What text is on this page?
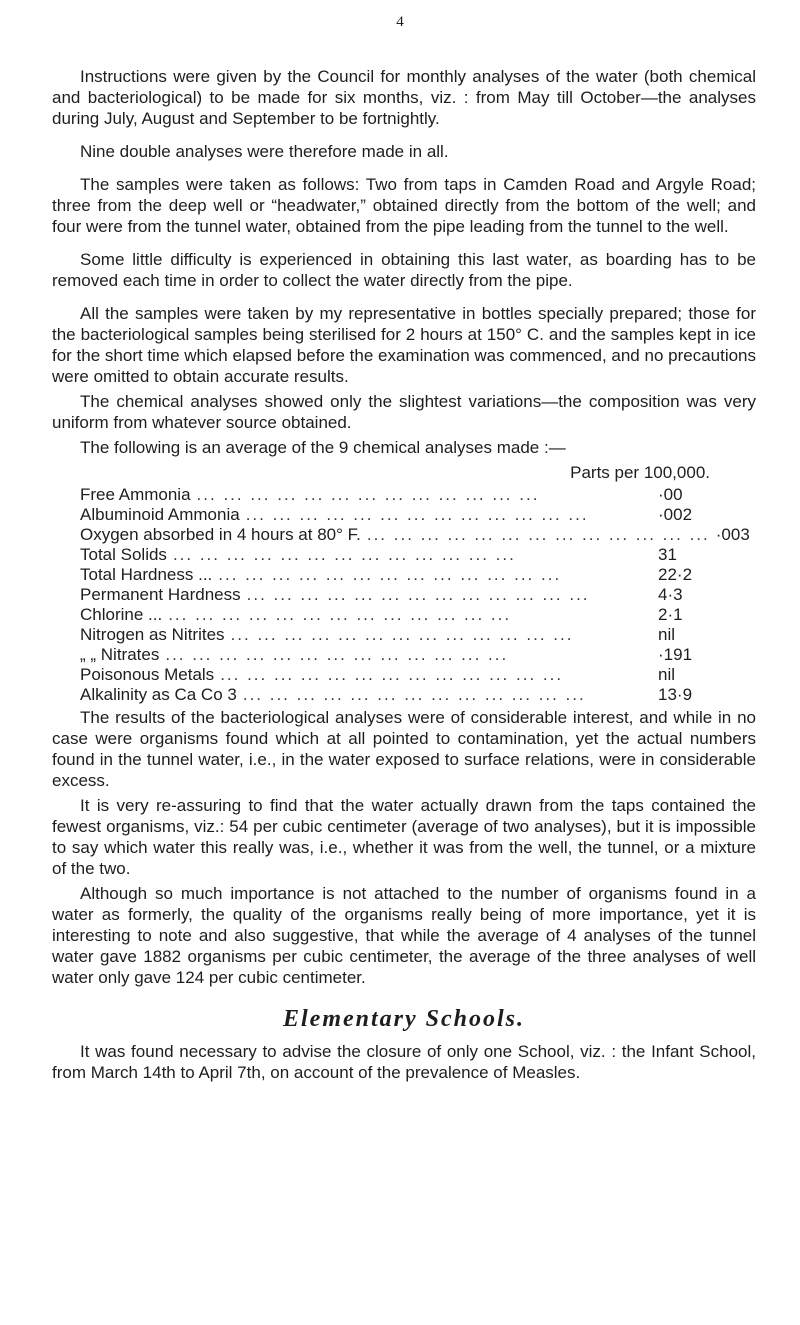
4

Instructions were given by the Council for monthly analyses of the water (both chemical and bacteriological) to be made for six months, viz. : from May till October—the analyses during July, August and September to be fortnightly.

Nine double analyses were therefore made in all.

The samples were taken as follows: Two from taps in Camden Road and Argyle Road; three from the deep well or “headwater,” obtained directly from the bottom of the well; and four were from the tunnel water, obtained from the pipe leading from the tunnel to the well.

Some little difficulty is experienced in obtaining this last water, as boarding has to be removed each time in order to collect the water directly from the pipe.

All the samples were taken by my representative in bottles specially prepared; those for the bacteriological samples being sterilised for 2 hours at 150° C. and the samples kept in ice for the short time which elapsed before the examination was commenced, and no precautions were omitted to obtain accurate results.

The chemical analyses showed only the slightest variations—the composition was very uniform from whatever source obtained.

The following is an average of the 9 chemical analyses made :—

Parts per 100,000.
Free Ammonia ... ... ... ... ... ... ... ... ... ... ... ... ...	·00
Albuminoid Ammonia ... ... ... ... ... ... ... ... ... ... ... ... ...	·002
Oxygen absorbed in 4 hours at 80° F. ... ... ... ... ... ... ... ... ... ... ... ... ... ·003
Total Solids ... ... ... ... ... ... ... ... ... ... ... ... ...	31
Total Hardness ... ... ... ... ... ... ... ... ... ... ... ... ... ...	22·2
Permanent Hardness ... ... ... ... ... ... ... ... ... ... ... ... ...	4·3
Chlorine ... ... ... ... ... ... ... ... ... ... ... ... ... ...	2·1
Nitrogen as Nitrites ... ... ... ... ... ... ... ... ... ... ... ... ...	nil
„ „ Nitrates ... ... ... ... ... ... ... ... ... ... ... ... ...	·191
Poisonous Metals ... ... ... ... ... ... ... ... ... ... ... ... ...	nil
Alkalinity as Ca Co 3 ... ... ... ... ... ... ... ... ... ... ... ... ...	13·9

The results of the bacteriological analyses were of considerable interest, and while in no case were organisms found which at all pointed to contamination, yet the actual numbers found in the tunnel water, i.e., in the water exposed to surface relations, were in considerable excess.

It is very re-assuring to find that the water actually drawn from the taps contained the fewest organisms, viz.: 54 per cubic centimeter (average of two analyses), but it is impossible to say which water this really was, i.e., whether it was from the well, the tunnel, or a mixture of the two.

Although so much importance is not attached to the number of organisms found in a water as formerly, the quality of the organisms really being of more importance, yet it is interesting to note and also suggestive, that while the average of 4 analyses of the tunnel water gave 1882 organisms per cubic centimeter, the average of the three analyses of well water only gave 124 per cubic centimeter.

Elementary Schools.

It was found necessary to advise the closure of only one School, viz. : the Infant School, from March 14th to April 7th, on account of the prevalence of Measles.
